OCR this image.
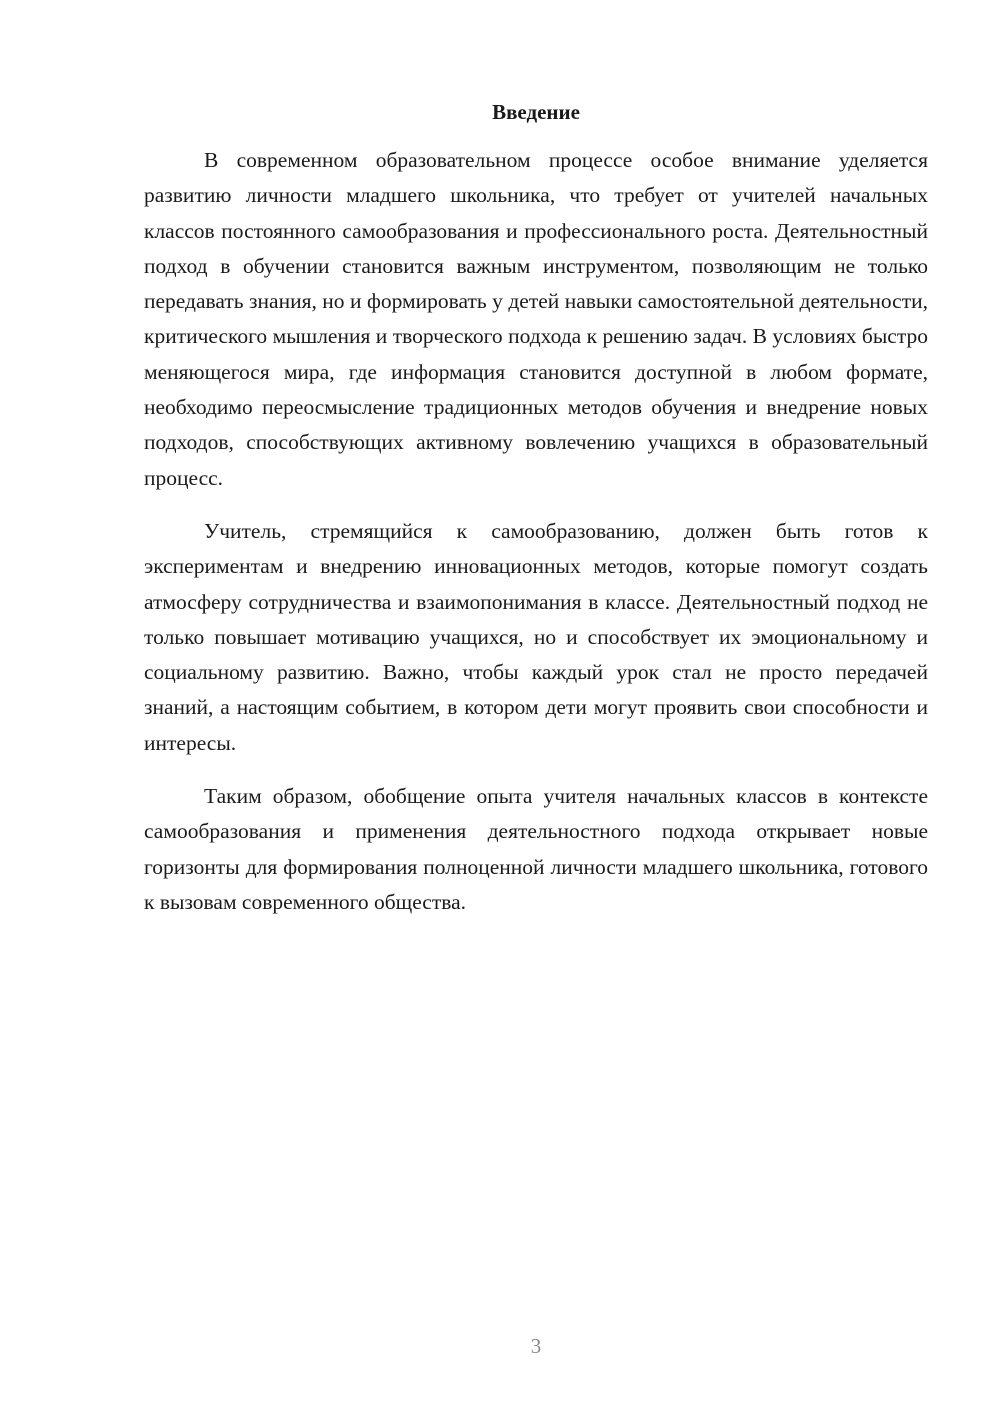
Введение

В современном образовательном процессе особое внимание уделяется развитию личности младшего школьника, что требует от учителей начальных классов постоянного самообразования и профессионального роста. Деятельностный подход в обучении становится важным инструментом, позволяющим не только передавать знания, но и формировать у детей навыки самостоятельной деятельности, критического мышления и творческого подхода к решению задач. В условиях быстро меняющегося мира, где информация становится доступной в любом формате, необходимо переосмысление традиционных методов обучения и внедрение новых подходов, способствующих активному вовлечению учащихся в образовательный процесс.

Учитель, стремящийся к самообразованию, должен быть готов к экспериментам и внедрению инновационных методов, которые помогут создать атмосферу сотрудничества и взаимопонимания в классе. Деятельностный подход не только повышает мотивацию учащихся, но и способствует их эмоциональному и социальному развитию. Важно, чтобы каждый урок стал не просто передачей знаний, а настоящим событием, в котором дети могут проявить свои способности и интересы.

Таким образом, обобщение опыта учителя начальных классов в контексте самообразования и применения деятельностного подхода открывает новые горизонты для формирования полноценной личности младшего школьника, готового к вызовам современного общества.

3
